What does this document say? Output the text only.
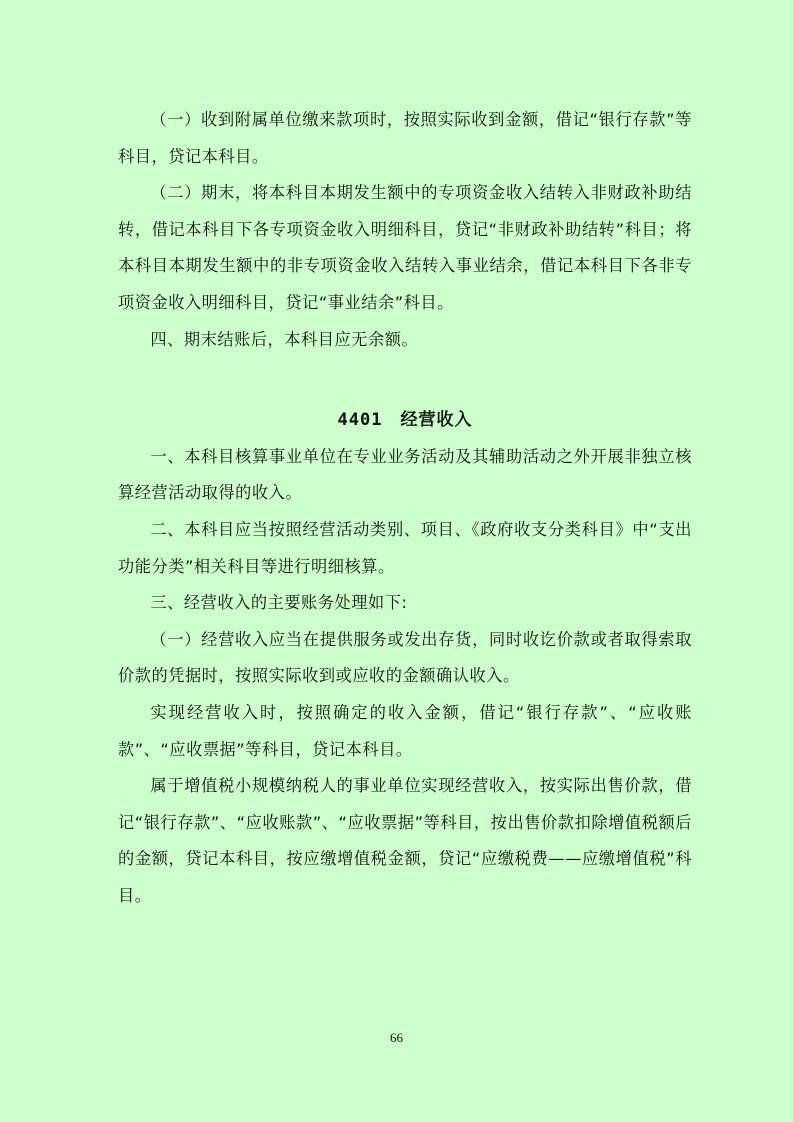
（一）收到附属单位缴来款项时，按照实际收到金额，借记“银行存款”等科目，贷记本科目。

（二）期末，将本科目本期发生额中的专项资金收入结转入非财政补助结转，借记本科目下各专项资金收入明细科目，贷记“非财政补助结转”科目；将本科目本期发生额中的非专项资金收入结转入事业结余，借记本科目下各非专项资金收入明细科目，贷记“事业结余”科目。

四、期末结账后，本科目应无余额。

4401 经营收入

一、本科目核算事业单位在专业业务活动及其辅助活动之外开展非独立核算经营活动取得的收入。

二、本科目应当按照经营活动类别、项目、《政府收支分类科目》中“支出功能分类”相关科目等进行明细核算。

三、经营收入的主要账务处理如下:

（一）经营收入应当在提供服务或发出存货，同时收讫价款或者取得索取价款的凭据时，按照实际收到或应收的金额确认收入。

实现经营收入时，按照确定的收入金额，借记“银行存款”、“应收账款”、“应收票据”等科目，贷记本科目。

属于增值税小规模纳税人的事业单位实现经营收入，按实际出售价款，借记“银行存款”、“应收账款”、“应收票据”等科目，按出售价款扣除增值税额后的金额，贷记本科目，按应缴增值税金额，贷记“应缴税费——应缴增值税”科目。

66
